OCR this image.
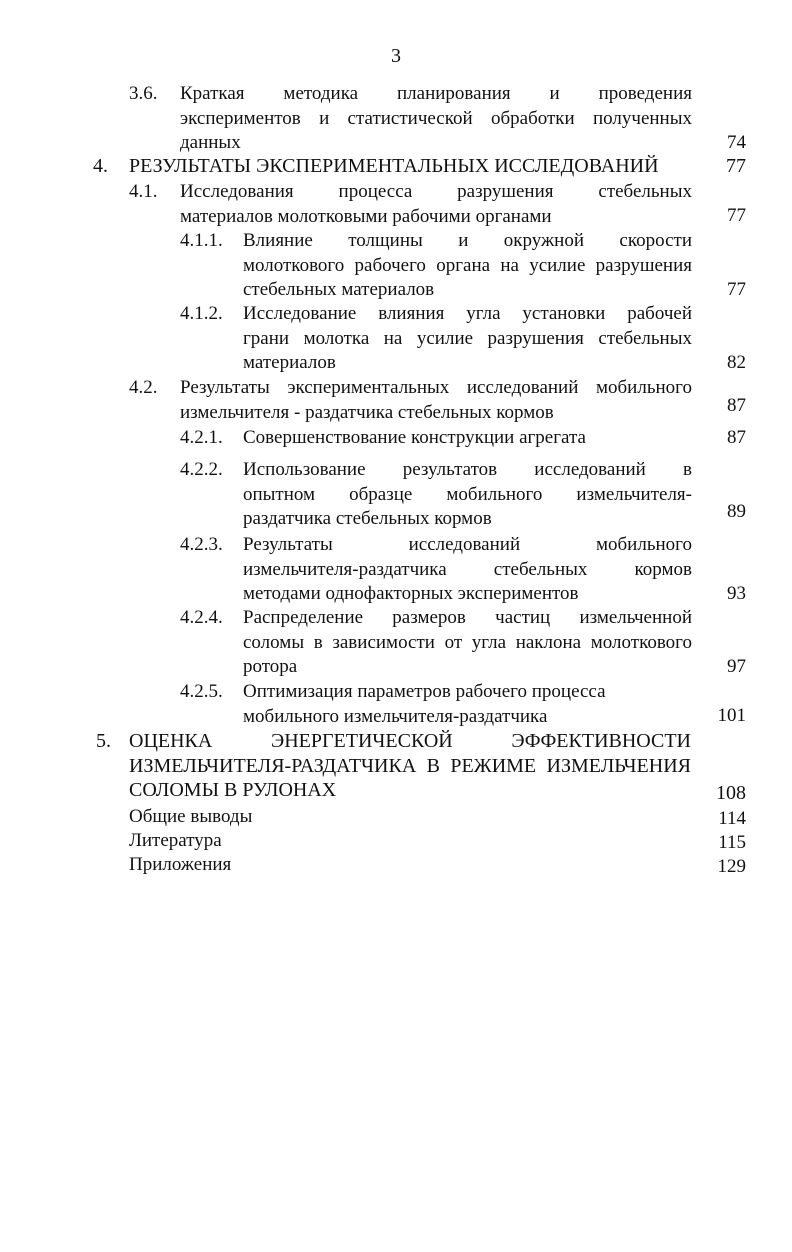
3
3.6. Краткая методика планирования и проведения
экспериментов и статистической обработки полученных
данных	74
4. РЕЗУЛЬТАТЫ ЭКСПЕРИМЕНТАЛЬНЫХ ИССЛЕДОВАНИЙ	77
4.1. Исследования процесса разрушения стебельных
материалов молотковыми рабочими органами	77
4.1.1. Влияние толщины и окружной скорости
молоткового рабочего органа на усилие разрушения
стебельных материалов	77
4.1.2. Исследование влияния угла установки рабочей
грани молотка на усилие разрушения стебельных
материалов	82
4.2. Результаты экспериментальных исследований мобильного
измельчителя - раздатчика стебельных кормов	87
4.2.1. Совершенствование конструкции агрегата	87
4.2.2. Использование результатов исследований в
опытном образце мобильного измельчителя-
раздатчика стебельных кормов	89
4.2.3. Результаты исследований мобильного
измельчителя-раздатчика стебельных кормов
методами однофакторных экспериментов	93
4.2.4. Распределение размеров частиц измельченной
соломы в зависимости от угла наклона молоткового
ротора	97
4.2.5. Оптимизация параметров рабочего процесса
мобильного измельчителя-раздатчика	101
5. ОЦЕНКА ЭНЕРГЕТИЧЕСКОЙ ЭФФЕКТИВНОСТИ
ИЗМЕЛЬЧИТЕЛЯ-РАЗДАТЧИКА В РЕЖИМЕ ИЗМЕЛЬЧЕНИЯ
СОЛОМЫ В РУЛОНАХ	108
Общие выводы	114
Литература	115
Приложения	129
